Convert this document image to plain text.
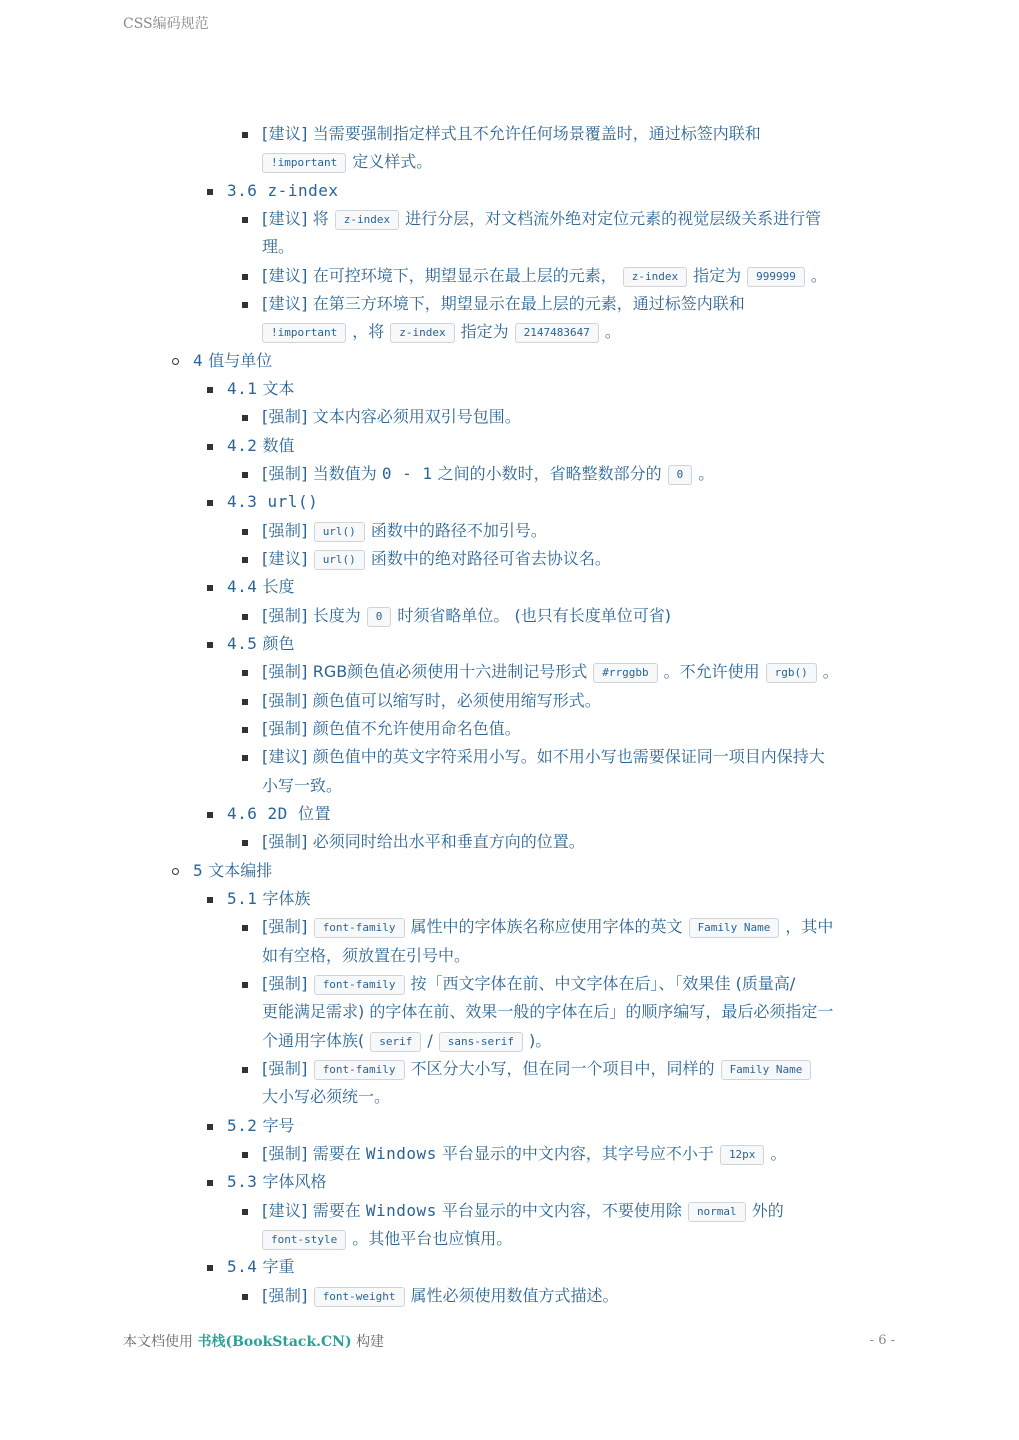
CSS编码规范
[建议] 当需要强制指定样式且不允许任何场景覆盖时，通过标签内联和
!important 定义样式。
3.6 z-index
[建议] 将 z-index 进行分层，对文档流外绝对定位元素的视觉层级关系进行管
理。
[建议] 在可控环境下，期望显示在最上层的元素， z-index 指定为 999999 。
[建议] 在第三方环境下，期望显示在最上层的元素，通过标签内联和
!important ，将 z-index 指定为 2147483647 。
4 值与单位
4.1 文本
[强制] 文本内容必须用双引号包围。
4.2 数值
[强制] 当数值为 0 - 1 之间的小数时，省略整数部分的 0 。
4.3 url()
[强制] url() 函数中的路径不加引号。
[建议] url() 函数中的绝对路径可省去协议名。
4.4 长度
[强制] 长度为 0 时须省略单位。 (也只有长度单位可省)
4.5 颜色
[强制] RGB颜色值必须使用十六进制记号形式 #rrggbb 。不允许使用 rgb() 。
[强制] 颜色值可以缩写时，必须使用缩写形式。
[强制] 颜色值不允许使用命名色值。
[建议] 颜色值中的英文字符采用小写。如不用小写也需要保证同一项目内保持大
小写一致。
4.6 2D 位置
[强制] 必须同时给出水平和垂直方向的位置。
5 文本编排
5.1 字体族
[强制] font-family 属性中的字体族名称应使用字体的英文 Family Name ，其中
如有空格，须放置在引号中。
[强制] font-family 按「西文字体在前、中文字体在后」、「效果佳 (质量高/
更能满足需求) 的字体在前、效果一般的字体在后」的顺序编写，最后必须指定一
个通用字体族( serif / sans-serif )。
[强制] font-family 不区分大小写，但在同一个项目中，同样的 Family Name
大小写必须统一。
5.2 字号
[强制] 需要在 Windows 平台显示的中文内容，其字号应不小于 12px 。
5.3 字体风格
[建议] 需要在 Windows 平台显示的中文内容，不要使用除 normal 外的
font-style 。其他平台也应慎用。
5.4 字重
[强制] font-weight 属性必须使用数值方式描述。
本文档使用 书栈(BookStack.CN) 构建	- 6 -
